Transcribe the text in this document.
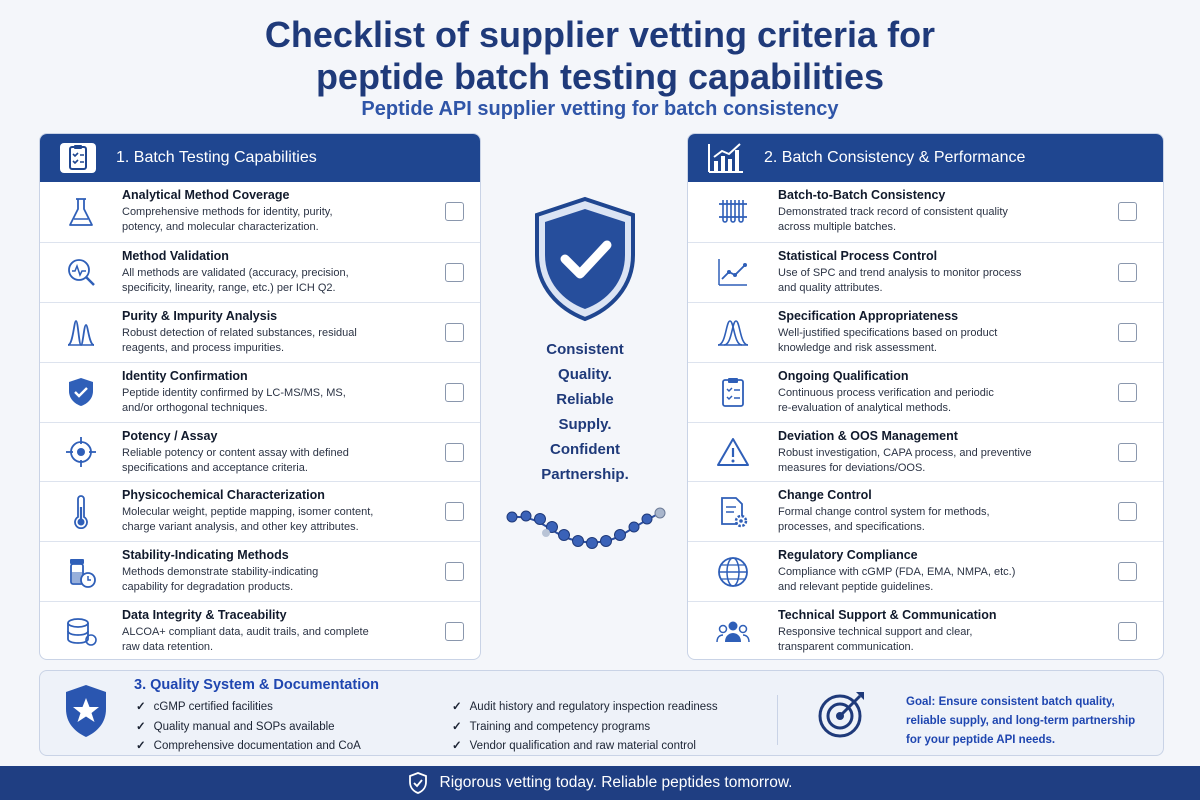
Checklist of supplier vetting criteria for
peptide batch testing capabilities
Peptide API supplier vetting for batch consistency
1. Batch Testing Capabilities
Analytical Method Coverage
Comprehensive methods for identity, purity,
potency, and molecular characterization.
Method Validation
All methods are validated (accuracy, precision,
specificity, linearity, range, etc.) per ICH Q2.
Purity & Impurity Analysis
Robust detection of related substances, residual
reagents, and process impurities.
Identity Confirmation
Peptide identity confirmed by LC-MS/MS, MS,
and/or orthogonal techniques.
Potency / Assay
Reliable potency or content assay with defined
specifications and acceptance criteria.
Physicochemical Characterization
Molecular weight, peptide mapping, isomer content,
charge variant analysis, and other key attributes.
Stability-Indicating Methods
Methods demonstrate stability-indicating
capability for degradation products.
Data Integrity & Traceability
ALCOA+ compliant data, audit trails, and complete
raw data retention.
2. Batch Consistency & Performance
Batch-to-Batch Consistency
Demonstrated track record of consistent quality
across multiple batches.
Statistical Process Control
Use of SPC and trend analysis to monitor process
and quality attributes.
Specification Appropriateness
Well-justified specifications based on product
knowledge and risk assessment.
Ongoing Qualification
Continuous process verification and periodic
re-evaluation of analytical methods.
Deviation & OOS Management
Robust investigation, CAPA process, and preventive
measures for deviations/OOS.
Change Control
Formal change control system for methods,
processes, and specifications.
Regulatory Compliance
Compliance with cGMP (FDA, EMA, NMPA, etc.)
and relevant peptide guidelines.
Technical Support & Communication
Responsive technical support and clear,
transparent communication.
Consistent
Quality.
Reliable
Supply.
Confident
Partnership.
3. Quality System & Documentation
✓ cGMP certified facilities
✓ Quality manual and SOPs available
✓ Comprehensive documentation and CoA
✓ Audit history and regulatory inspection readiness
✓ Training and competency programs
✓ Vendor qualification and raw material control
Goal: Ensure consistent batch quality,
reliable supply, and long-term partnership
for your peptide API needs.
Rigorous vetting today. Reliable peptides tomorrow.
